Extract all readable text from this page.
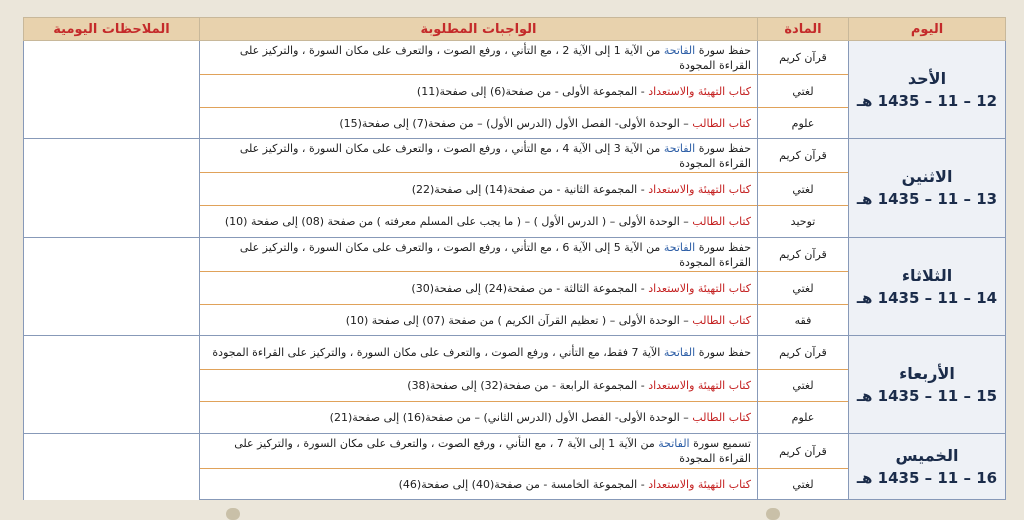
اليوم	المادة	الواجبات المطلوبة	الملاحظات اليومية

الأحد
12 – 11 – 1435 هـ	قرآن كريم	حفظ سورة الفاتحة من الآية 1 إلى الآية 2 ، مع التأني ، ورفع الصوت ، والتعرف على مكان السورة ، والتركيز على القراءة المجودة	
	لغتي	كتاب التهيئة والاستعداد - المجموعة الأولى - من صفحة(6) إلى صفحة(11)	
	علوم	كتاب الطالب – الوحدة الأولى- الفصل الأول (الدرس الأول) – من صفحة(7) إلى صفحة(15)	

الاثنين
13 – 11 – 1435 هـ	قرآن كريم	حفظ سورة الفاتحة من الآية 3 إلى الآية 4 ، مع التأني ، ورفع الصوت ، والتعرف على مكان السورة ، والتركيز على القراءة المجودة	
	لغتي	كتاب التهيئة والاستعداد - المجموعة الثانية - من صفحة(14) إلى صفحة(22)	
	توحيد	كتاب الطالب – الوحدة الأولى – ( الدرس الأول ) – ( ما يجب على المسلم معرفته ) من صفحة (08) إلى صفحة (10)	

الثلاثاء
14 – 11 – 1435 هـ	قرآن كريم	حفظ سورة الفاتحة من الآية 5 إلى الآية 6 ، مع التأني ، ورفع الصوت ، والتعرف على مكان السورة ، والتركيز على القراءة المجودة	
	لغتي	كتاب التهيئة والاستعداد - المجموعة الثالثة - من صفحة(24) إلى صفحة(30)	
	فقه	كتاب الطالب – الوحدة الأولى – ( تعظيم القرآن الكريم ) من صفحة (07) إلى صفحة (10)	

الأربعاء
15 – 11 – 1435 هـ	قرآن كريم	حفظ سورة الفاتحة الآية 7 فقط، مع التأني ، ورفع الصوت ، والتعرف على مكان السورة ، والتركيز على القراءة المجودة	
	لغتي	كتاب التهيئة والاستعداد - المجموعة الرابعة - من صفحة(32) إلى صفحة(38)	
	علوم	كتاب الطالب – الوحدة الأولى- الفصل الأول (الدرس الثاني) – من صفحة(16) إلى صفحة(21)	

الخميس
16 – 11 – 1435 هـ	قرآن كريم	تسميع سورة الفاتحة من الآية 1 إلى الآية 7 ، مع التأني ، ورفع الصوت ، والتعرف على مكان السورة ، والتركيز على القراءة المجودة	
	لغتي	كتاب التهيئة والاستعداد - المجموعة الخامسة - من صفحة(40) إلى صفحة(46)	
